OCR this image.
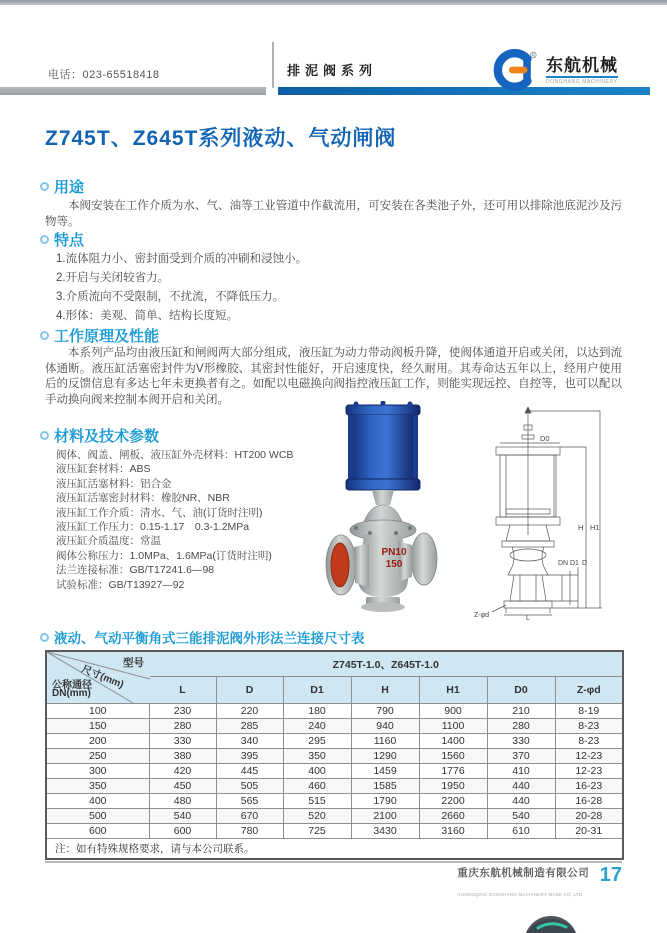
电话：023-65518418	排泥阀系列
R 东航机械
DONGHANG MACHINERY
Z745T、Z645T系列液动、气动闸阀
用途
本阀安装在工作介质为水、气、油等工业管道中作截流用，可安装在各类池子外，还可用以排除池底泥沙及污物等。
特点
1.流体阻力小、密封面受到介质的冲刷和浸蚀小。
2.开启与关闭较省力。
3.介质流向不受限制，不扰流，不降低压力。
4.形体：美观、简单、结构长度短。
工作原理及性能
本系列产品均由液压缸和闸阀两大部分组成，液压缸为动力带动阀板升降，使阀体通道开启或关闭，以达到流体通断。液压缸活塞密封件为V形橡胶、其密封性能好，开启速度快，经久耐用。其寿命达五年以上，经用户使用后的反馈信息有多达七年未更换者有之。如配以电磁换向阀指控液压缸工作，则能实现远控、自控等，也可以配以手动换向阀来控制本阀开启和关闭。
材料及技术参数
阀体、阀盖、闸板、液压缸外壳材料：HT200 WCB
液压缸套材料：ABS
液压缸活塞材料：铝合金
液压缸活塞密封材料：橡胶NR、NBR
液压缸工作介质：清水、气、油(订货时注明)
液压缸工作压力：0.15-1.17　0.3-1.2MPa
液压缸介质温度：常温
阀体公称压力：1.0MPa、1.6MPa(订货时注明)
法兰连接标准：GB/T17241.6—98
试验标准：GB/T13927—92
PN10
150
D0
H H1
DN D1 D
Z-φd	L
液动、气动平衡角式三能排泥阀外形法兰连接尺寸表
型号
尺寸(mm)
公称通径
DN(mm)	Z745T-1.0、Z645T-1.0						
	L	D	D1	H	H1	D0	Z-φd
100	230	220	180	790	900	210	8-19
150	280	285	240	940	1100	280	8-23
200	330	340	295	1160	1400	330	8-23
250	380	395	350	1290	1560	370	12-23
300	420	445	400	1459	1776	410	12-23
350	450	505	460	1585	1950	440	16-23
400	480	565	515	1790	2200	440	16-28
500	540	670	520	2100	2660	540	20-28
600	600	780	725	3430	3160	610	20-31
注：如有特殊规格要求，请与本公司联系。							
重庆东航机械制造有限公司
CHONGQING DONGHANG MACHINERY MADE CO.,LTD 17
